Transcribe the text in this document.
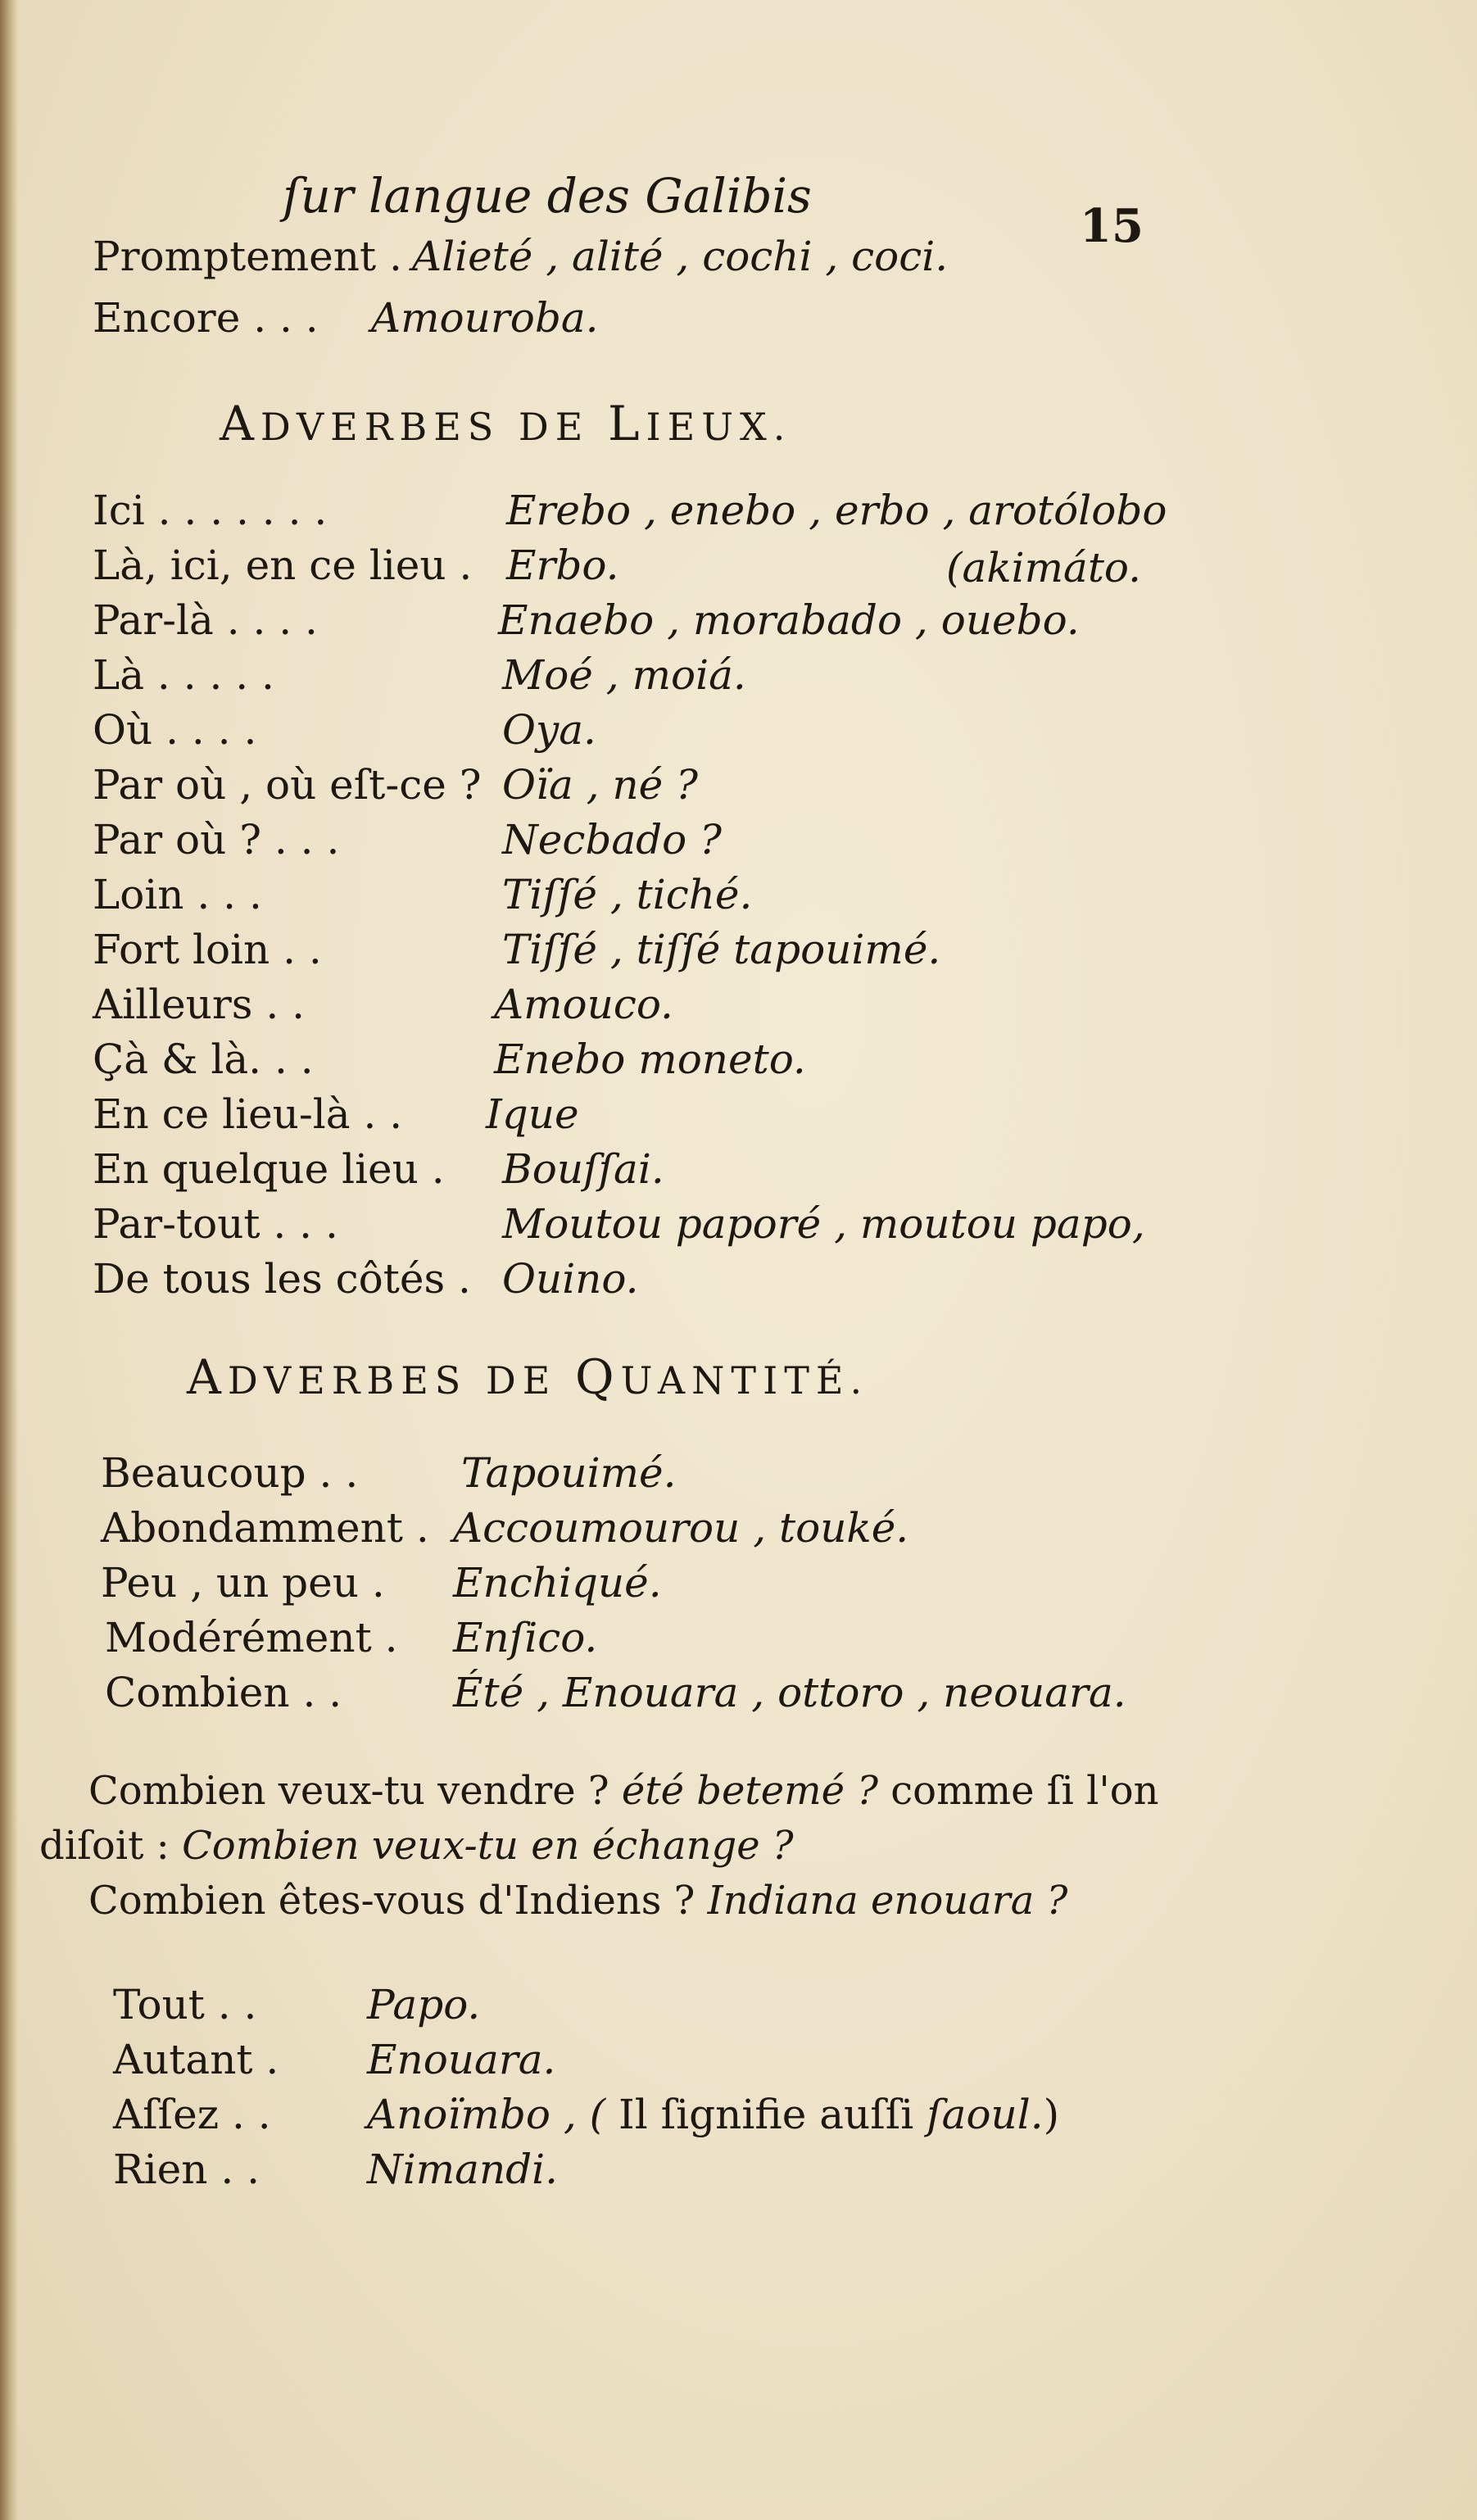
ſur langue des Galibis
15
Promptement . Alieté , alité , cochi , coci.
Encore . . . Amouroba.
ADVERBES DE LIEUX.
Ici . . . . . . .	Erebo , enebo , erbo , arotólobo
Là, ici, en ce lieu . Erbo.	(akimáto.
Par-là . . . .	Enaebo , morabado , ouebo.
Là . . . . .	Moé , moiá.
Où . . . .	Oya.
Par où , où eſt-ce ? Oïa , né ?
Par où ? . . .	Necbado ?
Loin . . .	Tiſſé , tiché.
Fort loin . .	Tiſſé , tiſſé tapouimé.
Ailleurs . .	Amouco.
Çà & là. . .	Enebo moneto.
En ce lieu-là . . Ique
En quelque lieu . Bouſſai.
Par-tout . . .	Moutou paporé , moutou papo,
De tous les côtés . Ouino.
ADVERBES DE QUANTITÉ.
Beaucoup . .	Tapouimé.
Abondamment . Accoumourou , touké.
Peu , un peu . Enchiqué.
Modérément . Enſico.
Combien . .	Été , Enouara , ottoro , neouara.
Combien veux-tu vendre ? été betemé ? comme ſi l'on
diſoit : Combien veux-tu en échange ?
Combien êtes-vous d'Indiens ? Indiana enouara ?
Tout . .	Papo.
Autant . Enouara.
Aſſez . . Anoïmbo , ( Il ſignifie auſſi ſaoul.)
Rien . .	Nimandi.
